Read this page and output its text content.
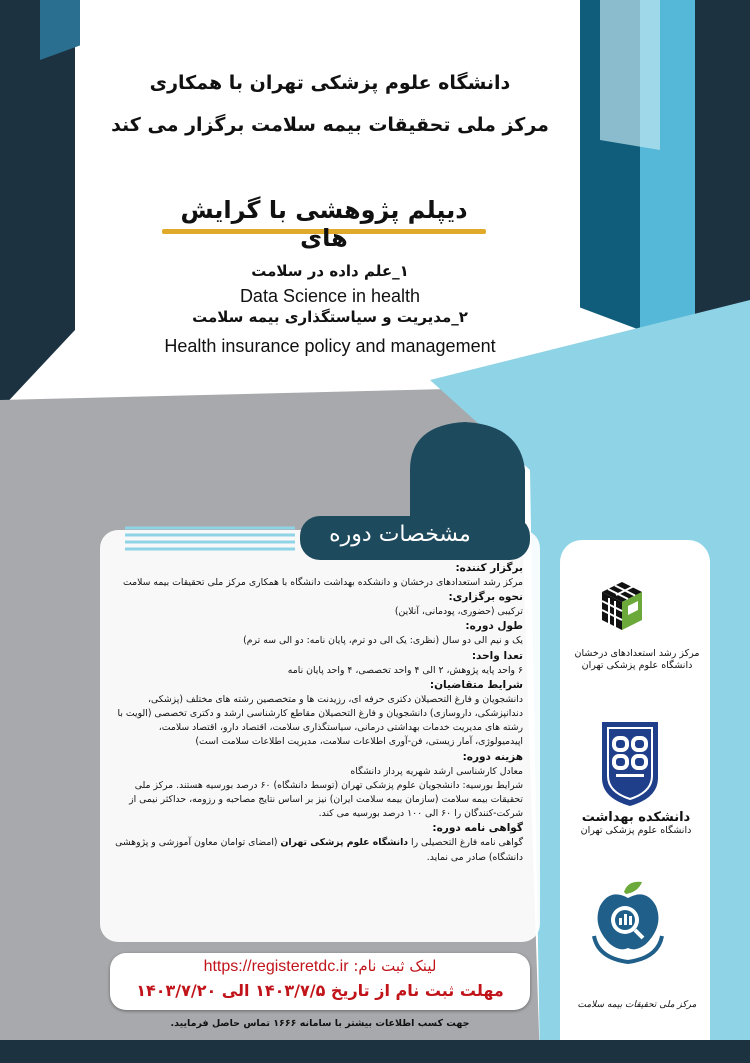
دانشگاه علوم پزشکی تهران با همکاری
مرکز ملی تحقیقات بیمه سلامت برگزار می کند
دیپلم پژوهشی با گرایش های
۱_علم داده در سلامت
Data Science in health
۲_مدیریت و سیاستگذاری بیمه سلامت
Health insurance policy and management
مشخصات دوره
برگزار کننده:
مرکز رشد استعدادهای درخشان و دانشکده بهداشت دانشگاه با همکاری مرکز ملی تحقیقات بیمه سلامت
نحوه برگزاری:
ترکیبی (حضوری، پودمانی، آنلاین)
طول دوره:
یک و نیم الی دو سال (نظری: یک الی دو ترم، پایان نامه: دو الی سه ترم)
تعدا واحد:
۶ واحد پایه پژوهش، ۲ الی ۴ واحد تخصصی، ۴ واحد پایان نامه
شرایط متقاضیان:
دانشجویان و فارغ التحصیلان دکتری حرفه ای، رزیدنت ها و متخصصین رشته های مختلف (پزشکی، دندانپزشکی، داروسازی) دانشجویان و فارغ التحصیلان مقاطع کارشناسی ارشد و دکتری تخصصی (الویت با رشته های مدیریت خدمات بهداشتی درمانی، سیاستگذاری سلامت، اقتصاد دارو، اقتصاد سلامت، اپیدمیولوژی، آمار زیستی، فن-آوری اطلاعات سلامت، مدیریت اطلاعات سلامت است)
هزینه دوره:
معادل کارشناسی ارشد شهریه پرداز دانشگاه
شرایط بورسیه: دانشجویان علوم پزشکی تهران (توسط دانشگاه) ۶۰ درصد بورسیه هستند. مرکز ملی تحقیقات بیمه سلامت (سازمان بیمه سلامت ایران) نیز بر اساس نتایج مصاحبه و رزومه، حداکثر نیمی از شرکت-کنندگان را ۶۰ الی ۱۰۰ درصد بورسیه می کند.
گواهی نامه دوره:
گواهی نامه فارغ التحصیلی را دانشگاه علوم پزشکی تهران (امضای توامان معاون آموزشی و پژوهشی دانشگاه) صادر می نماید.
لینک ثبت نام: https://registeretdc.ir
مهلت ثبت نام از تاریخ ۱۴۰۳/۷/۵ الی ۱۴۰۳/۷/۲۰
جهت کسب اطلاعات بیشتر با سامانه ۱۶۶۶ تماس حاصل فرمایید.
مرکز رشد استعدادهای درخشان
دانشگاه علوم پزشکی تهران
دانشکده بهداشت
دانشگاه علوم پزشکی تهران
مرکز ملی تحقیقات بیمه سلامت
